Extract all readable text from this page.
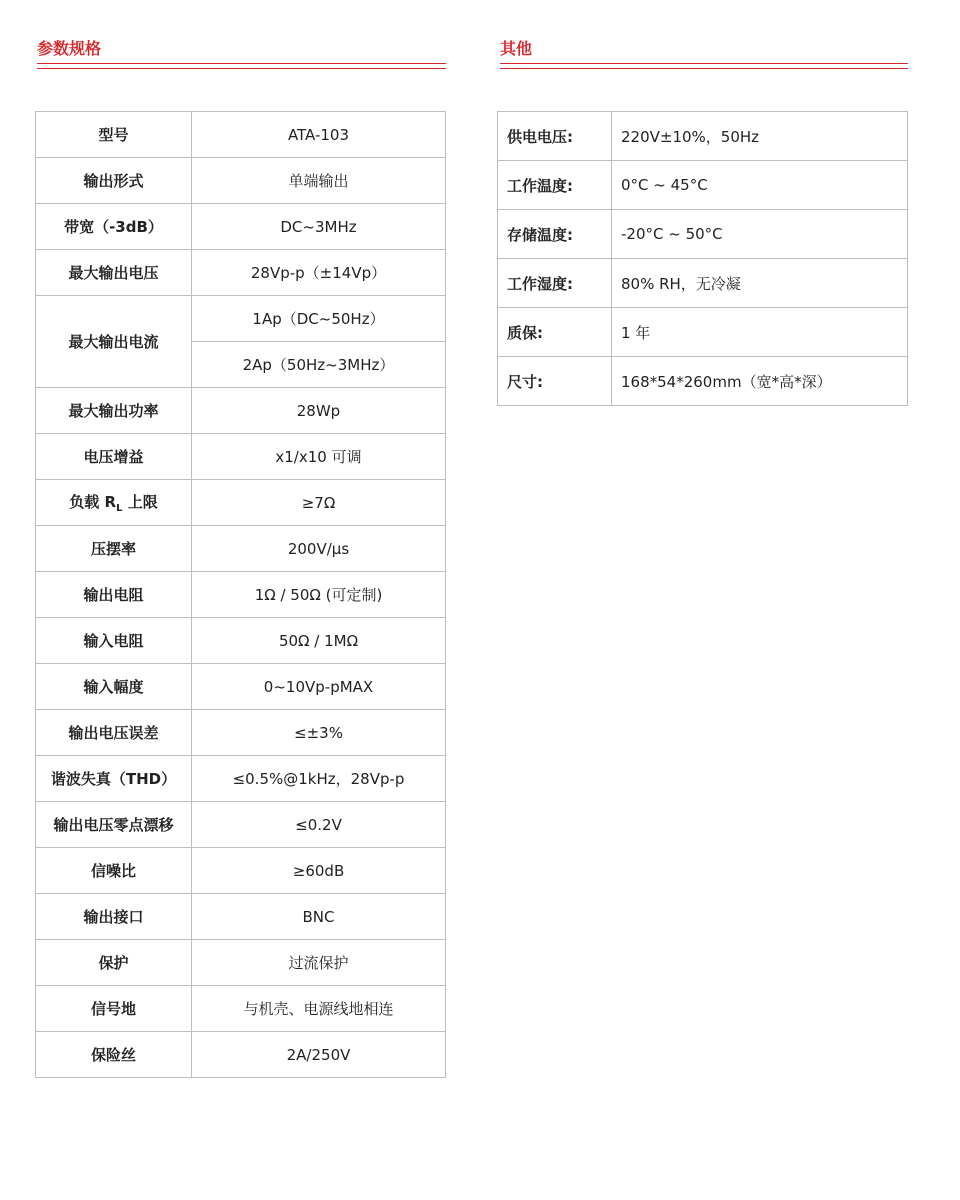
参数规格	其他
型号	ATA-103
输出形式	单端输出
带宽（-3dB）	DC~3MHz
最大输出电压	28Vp-p（±14Vp）
最大输出电流	1Ap（DC~50Hz）
	2Ap（50Hz~3MHz）
最大输出功率	28Wp
电压增益	x1/x10 可调
负载 $R_L$ 上限	≥7Ω
压摆率	200V/μs
输出电阻	1Ω / 50Ω (可定制)
输入电阻	50Ω / 1MΩ
输入幅度	0~10Vp-pMAX
输出电压误差	≤±3%
谐波失真（THD）	≤0.5%@1kHz，28Vp-p
输出电压零点漂移	≤0.2V
信噪比	≥60dB
输出接口	BNC
保护	过流保护
信号地	与机壳、电源线地相连
保险丝	2A/250V
供电电压:	220V±10%，50Hz
工作温度:	0°C ~ 45°C
存储温度:	-20°C ~ 50°C
工作湿度:	80% RH，无冷凝
质保:	1 年
尺寸:	168*54*260mm（宽*高*深）
